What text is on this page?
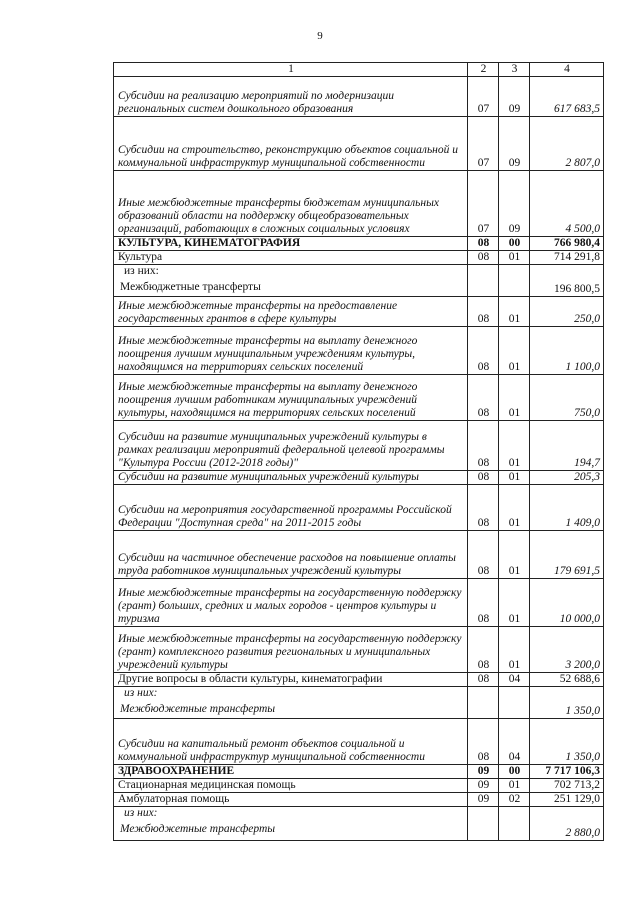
9
1	2	3	4
Субсидии на реализацию мероприятий по модернизации региональных систем дошкольного образования	07	09	617 683,5
Субсидии на строительство, реконструкцию объектов социальной и коммунальной инфраструктур муниципальной собственности	07	09	2 807,0
Иные межбюджетные трансферты бюджетам муниципальных образований области на поддержку общеобразовательных организаций, работающих в сложных социальных условиях	07	09	4 500,0
КУЛЬТУРА, КИНЕМАТОГРАФИЯ	08	00	766 980,4
Культура	08	01	714 291,8

из них:
Межбюджетные трансферты			196 800,5
Иные межбюджетные трансферты на предоставление государственных грантов в сфере культуры	08	01	250,0
Иные межбюджетные трансферты на выплату денежного поощрения лучшим муниципальным учреждениям культуры, находящимся на территориях сельских поселений	08	01	1 100,0
Иные межбюджетные трансферты на выплату денежного поощрения лучшим работникам муниципальных учреждений культуры, находящимся на территориях сельских поселений	08	01	750,0
Субсидии на развитие муниципальных учреждений культуры в рамках реализации мероприятий федеральной целевой программы "Культура России (2012-2018 годы)"	08	01	194,7
Субсидии на развитие муниципальных учреждений культуры	08	01	205,3
Субсидии на мероприятия государственной программы Российской Федерации "Доступная среда" на 2011-2015 годы	08	01	1 409,0
Субсидии на частичное обеспечение расходов на повышение оплаты труда работников муниципальных учреждений культуры	08	01	179 691,5
Иные межбюджетные трансферты на государственную поддержку (грант) больших, средних и малых городов - центров культуры и туризма	08	01	10 000,0
Иные межбюджетные трансферты на государственную поддержку (грант) комплексного развития региональных и муниципальных учреждений культуры	08	01	3 200,0
Другие вопросы в области культуры, кинематографии	08	04	52 688,6

из них:
Межбюджетные трансферты			1 350,0
Субсидии на капитальный ремонт объектов социальной и коммунальной инфраструктур муниципальной собственности	08	04	1 350,0
ЗДРАВООХРАНЕНИЕ	09	00	7 717 106,3
Стационарная медицинская помощь	09	01	702 713,2
Амбулаторная помощь	09	02	251 129,0

из них:
Межбюджетные трансферты			2 880,0
